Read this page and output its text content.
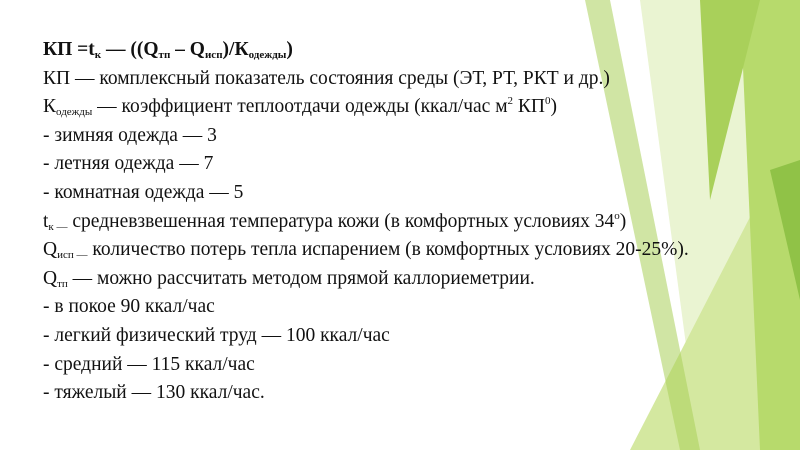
КП $=t_к$ — $((Q_{тп} - Q_{исп})/К_{одежды})$
КП — комплексный показатель состояния среды (ЭТ, РТ, РКТ и др.)
$К_{одежды}$ — коэффициент теплоотдачи одежды (ккал/час $м^2$ $КП^0$)
- зимняя одежда — 3
- летняя одежда — 7
- комнатная одежда — 5
$t_{к —}$ средневзвешенная температура кожи (в комфортных условиях $34^о$)
$Q_{исп —}$ количество потерь тепла испарением (в комфортных условиях 20-25%).
$Q_{тп}$ — можно рассчитать методом прямой каллориеметрии.
- в покое 90 ккал/час
- легкий физический труд — 100 ккал/час
- средний — 115 ккал/час
- тяжелый — 130 ккал/час.
